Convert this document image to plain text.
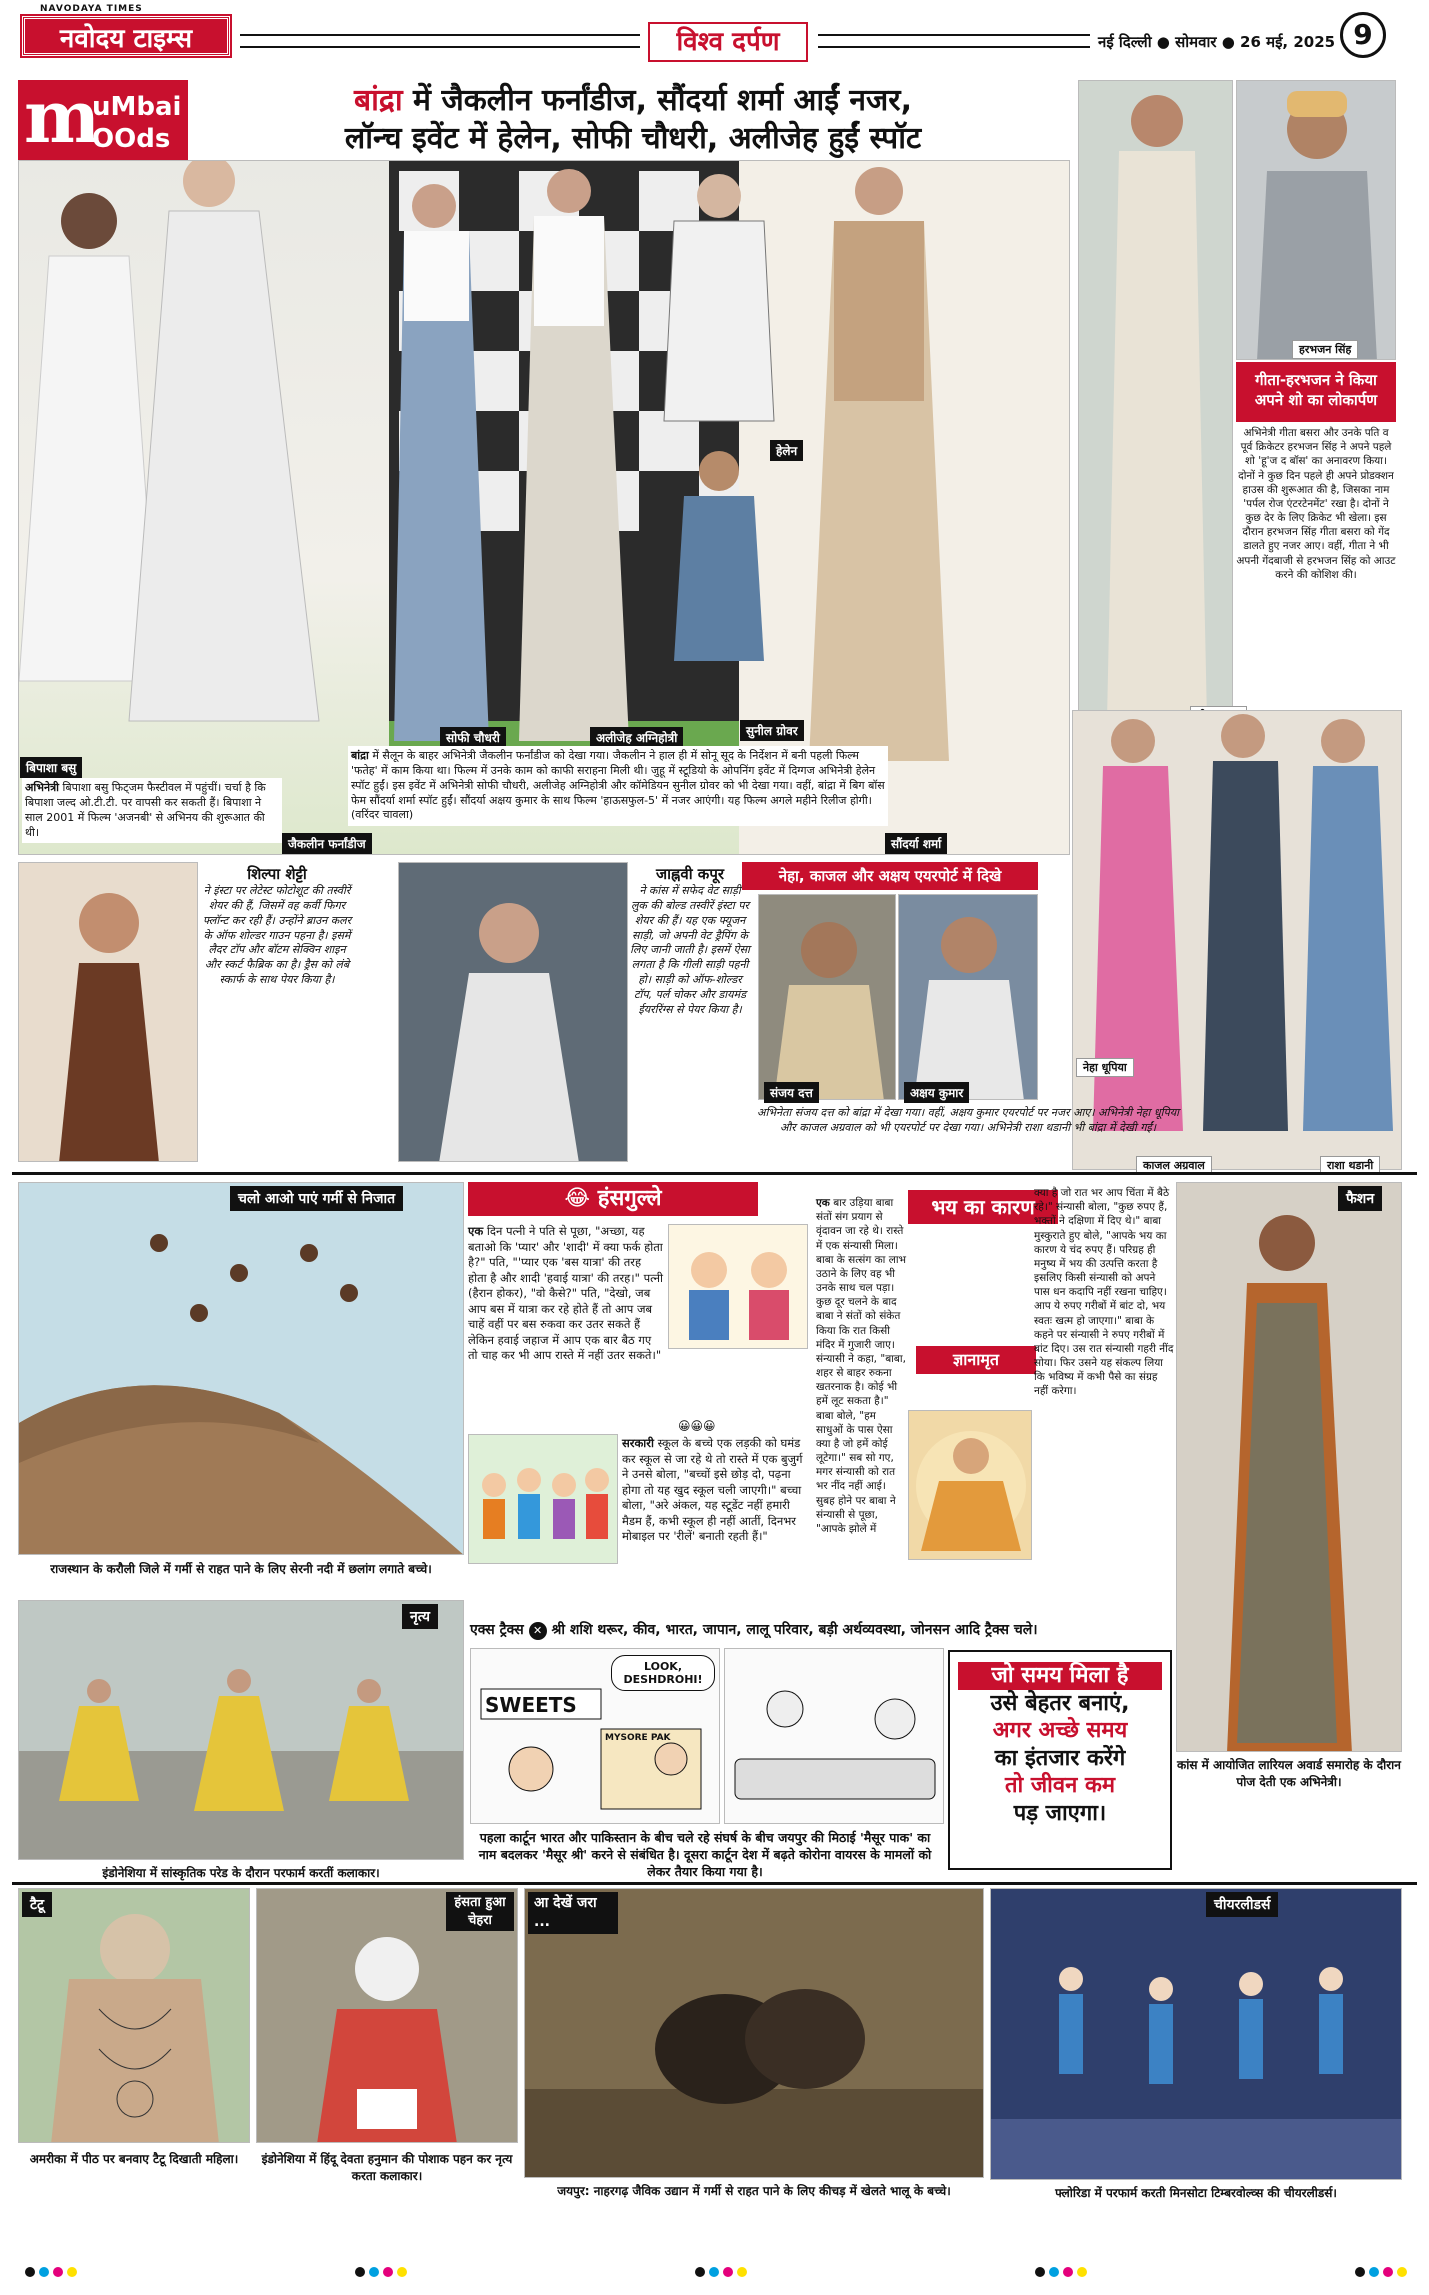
NAVODAYA TIMES
नवोदय टाइम्स	विश्व दर्पण	नई दिल्ली ● सोमवार ● 26 मई, 2025 9
m
uMbai
OOds
बांद्रा में जैकलीन फर्नांडीज, सौंदर्या शर्मा आईं नजर,
लॉन्च इवेंट में हेलेन, सोफी चौधरी, अलीजेह हुईं स्पॉट
बिपाशा बसु
जैकलीन फर्नांडीज
सोफी चौधरी	अलीजेह अग्निहोत्री
हेलेन
सुनील ग्रोवर
सौंदर्या शर्मा
अभिनेत्री बिपाशा बसु फिट्जम फैस्टीवल में पहुंचीं। चर्चा है कि बिपाशा जल्द ओ.टी.टी. पर वापसी कर सकती हैं। बिपाशा ने साल 2001 में फिल्म 'अजनबी' से अभिनय की शुरूआत की थी।
बांद्रा में सैलून के बाहर अभिनेत्री जैकलीन फर्नांडीज को देखा गया। जैकलीन ने हाल ही में सोनू सूद के निर्देशन में बनी पहली फिल्म 'फतेह' में काम किया था। फिल्म में उनके काम को काफी सराहना मिली थी। जुहू में स्टूडियो के ओपनिंग इवेंट में दिग्गज अभिनेत्री हेलेन स्पॉट हुईं। इस इवेंट में अभिनेत्री सोफी चौधरी, अलीजेह अग्निहोत्री और कॉमेडियन सुनील ग्रोवर को भी देखा गया। वहीं, बांद्रा में बिग बॉस फेम सौंदर्या शर्मा स्पॉट हुईं। सौंदर्या अक्षय कुमार के साथ फिल्म 'हाऊसफुल-5' में नजर आएंगी। यह फिल्म अगले महीने रिलीज होगी। (वरिंदर चावला)
हरभजन सिंह
गीता-हरभजन ने किया अपने शो का लोकार्पण
अभिनेत्री गीता बसरा और उनके पति व पूर्व क्रिकेटर हरभजन सिंह ने अपने पहले शो 'हू'ज द बॉस' का अनावरण किया। दोनों ने कुछ दिन पहले ही अपने प्रोडक्शन हाउस की शुरूआत की है, जिसका नाम 'पर्पल रोज एंटरटेनमेंट' रखा है। दोनों ने कुछ देर के लिए क्रिकेट भी खेला। इस दौरान हरभजन सिंह गीता बसरा को गेंद डालते हुए नजर आए। वहीं, गीता ने भी अपनी गेंदबाजी से हरभजन सिंह को आउट करने की कोशिश की।
नेहा धूपिया
काजल अग्रवाल	राशा थडानी
शिल्पा शेट्टी
ने इंस्टा पर लेटेस्ट फोटोशूट की तस्वीरें शेयर की हैं, जिसमें वह कर्वी फिगर फ्लॉन्ट कर रही हैं। उन्होंने ब्राउन कलर के ऑफ शोल्डर गाउन पहना है। इसमें लैदर टॉप और बॉटम सेक्विन शाइन और स्कर्ट फैब्रिक का है। ड्रैस को लंबे स्कार्फ के साथ पेयर किया है।
जाह्नवी कपूर
ने कांस में सफेद वेट साड़ी लुक की बोल्ड तस्वीरें इंस्टा पर शेयर की हैं। यह एक फ्यूजन साड़ी, जो अपनी वेट ड्रैपिंग के लिए जानी जाती है। इसमें ऐसा लगता है कि गीली साड़ी पहनी हो। साड़ी को ऑफ-शोल्डर टॉप, पर्ल चोकर और डायमंड ईयररिंग्स से पेयर किया है।
नेहा, काजल और अक्षय एयरपोर्ट में दिखे
संजय दत्त	अक्षय कुमार
अभिनेता संजय दत्त को बांद्रा में देखा गया। वहीं, अक्षय कुमार एयरपोर्ट पर नजर आए। अभिनेत्री नेहा धूपिया और काजल अग्रवाल को भी एयरपोर्ट पर देखा गया। अभिनेत्री राशा थडानी भी बांद्रा में देखी गईं।
चलो आओ पाएं गर्मी से निजात
राजस्थान के करौली जिले में गर्मी से राहत पाने के लिए सेरनी नदी में छलांग लगाते बच्चे।
😂 हंसगुल्ले
एक दिन पत्नी ने पति से पूछा, "अच्छा, यह बताओ कि 'प्यार' और 'शादी' में क्या फर्क होता है?" पति, "'प्यार एक 'बस यात्रा' की तरह होता है और शादी 'हवाई यात्रा' की तरह।" पत्नी (हैरान होकर), "वो कैसे?" पति, "देखो, जब आप बस में यात्रा कर रहे होते हैं तो आप जब चाहें वहीं पर बस रुकवा कर उतर सकते हैं लेकिन हवाई जहाज में आप एक बार बैठ गए तो चाह कर भी आप रास्ते में नहीं उतर सकते।"
😀😀😀
सरकारी स्कूल के बच्चे एक लड़की को घमंड कर स्कूल से जा रहे थे तो रास्ते में एक बुजुर्ग ने उनसे बोला, "बच्चों इसे छोड़ दो, पढ़ना होगा तो यह खुद स्कूल चली जाएगी।" बच्चा बोला, "अरे अंकल, यह स्टूडेंट नहीं हमारी मैडम हैं, कभी स्कूल ही नहीं आतीं, दिनभर मोबाइल पर 'रीलें' बनाती रहती हैं।"
भय का कारण
एक बार उड़िया बाबा संतों संग प्रयाग से वृंदावन जा रहे थे। रास्ते में एक संन्यासी मिला। बाबा के सत्संग का लाभ उठाने के लिए वह भी उनके साथ चल पड़ा। कुछ दूर चलने के बाद बाबा ने संतों को संकेत किया कि रात किसी मंदिर में गुजारी जाए। संन्यासी ने कहा, "बाबा, शहर से बाहर रुकना खतरनाक है। कोई भी हमें लूट सकता है।" बाबा बोले, "हम साधुओं के पास ऐसा क्या है जो हमें कोई लूटेगा।" सब सो गए, मगर संन्यासी को रात भर नींद नहीं आई। सुबह होने पर बाबा ने संन्यासी से पूछा, "आपके झोले में
ज्ञानामृत
क्या है जो रात भर आप चिंता में बैठे रहे।" संन्यासी बोला, "कुछ रुपए हैं, भक्तों ने दक्षिणा में दिए थे।" बाबा मुस्कुराते हुए बोले, "आपके भय का कारण ये चंद रुपए हैं। परिग्रह ही मनुष्य में भय की उत्पत्ति करता है इसलिए किसी संन्यासी को अपने पास धन कदापि नहीं रखना चाहिए। आप ये रुपए गरीबों में बांट दो, भय स्वतः खत्म हो जाएगा।" बाबा के कहने पर संन्यासी ने रुपए गरीबों में बांट दिए। उस रात संन्यासी गहरी नींद सोया। फिर उसने यह संकल्प लिया कि भविष्य में कभी पैसे का संग्रह नहीं करेगा।
फैशन
कांस में आयोजित लारियल अवार्ड समारोह के दौरान पोज देती एक अभिनेत्री।
नृत्य
इंडोनेशिया में सांस्कृतिक परेड के दौरान परफार्म करतीं कलाकार।
एक्स ट्रैक्स ✕ श्री शशि थरूर, कीव, भारत, जापान, लालू परिवार, बड़ी अर्थव्यवस्था, जोनसन आदि ट्रैक्स चले।
SWEETS
MYSORE PAK
LOOK, DESHDROHI!
पहला कार्टून भारत और पाकिस्तान के बीच चले रहे संघर्ष के बीच जयपुर की मिठाई 'मैसूर पाक' का नाम बदलकर 'मैसूर श्री' करने से संबंधित है। दूसरा कार्टून देश में बढ़ते कोरोना वायरस के मामलों को लेकर तैयार किया गया है।
जो समय मिला है
उसे बेहतर बनाएं,
अगर अच्छे समय
का इंतजार करेंगे
तो जीवन कम
पड़ जाएगा।
टैटू
अमरीका में पीठ पर बनवाए टैटू दिखाती महिला।
हंसता हुआ चेहरा
इंडोनेशिया में हिंदू देवता हनुमान की पोशाक पहन कर नृत्य करता कलाकार।
आ देखें जरा ...
जयपुर: नाहरगढ़ जैविक उद्यान में गर्मी से राहत पाने के लिए कीचड़ में खेलते भालू के बच्चे।
चीयरलीडर्स
फ्लोरिडा में परफार्म करती मिनसोटा टिम्बरवोल्व्स की चीयरलीडर्स।
